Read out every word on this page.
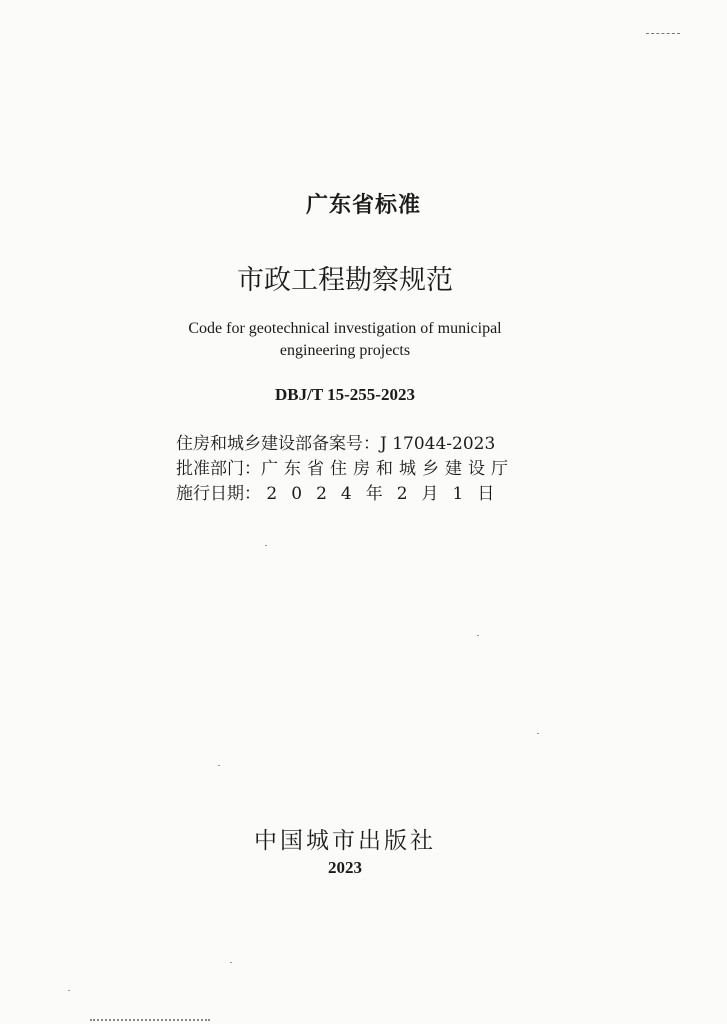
广东省标准
市政工程勘察规范
Code for geotechnical investigation of municipal
engineering projects
DBJ/T 15-255-2023
住房和城乡建设部备案号：J 17044-2023
批准部门：广东省住房和城乡建设厅
施行日期： 2 0 2 4 年 2 月 1 日
中国城市出版社
2023
